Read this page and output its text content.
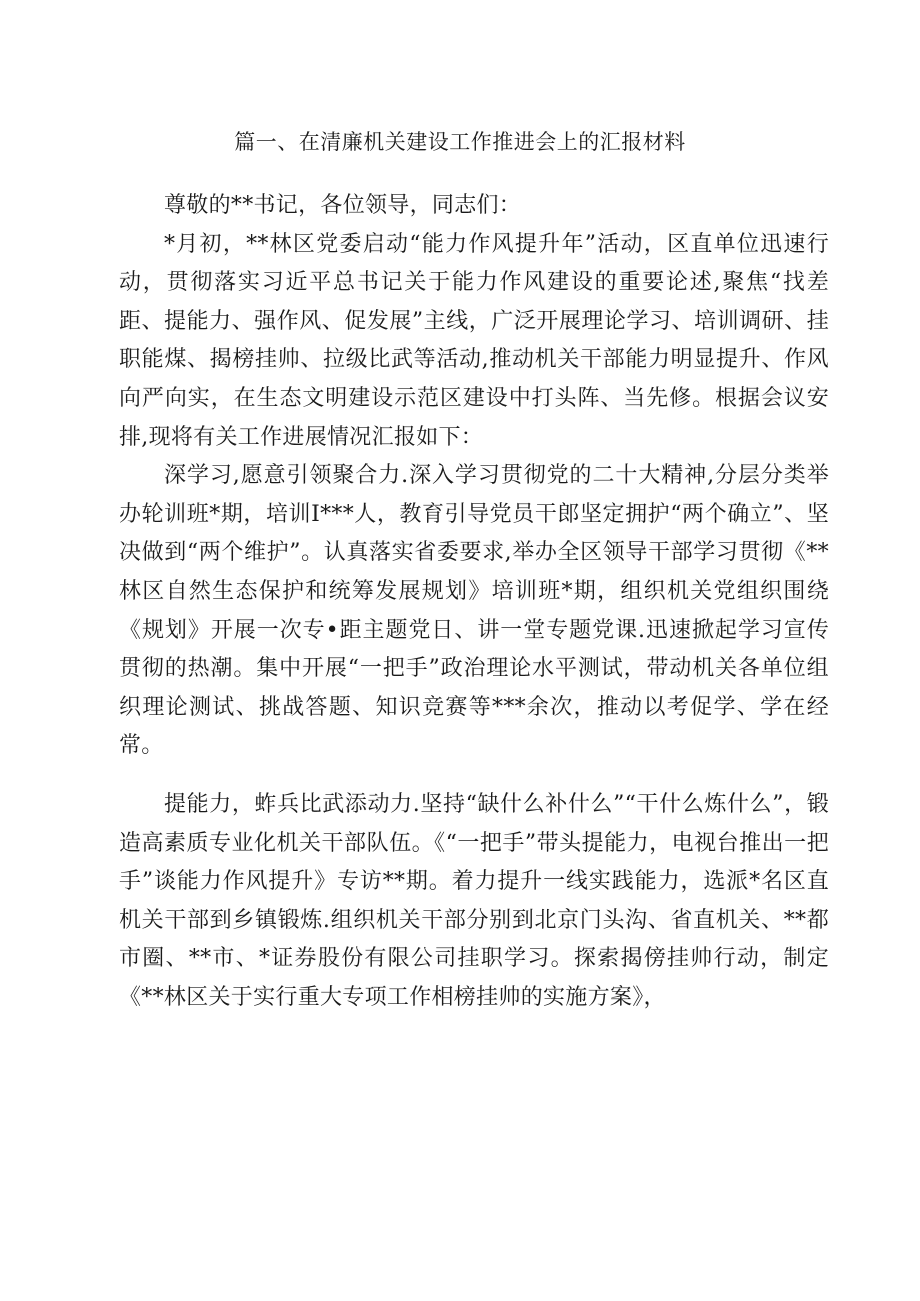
篇一、在清廉机关建设工作推进会上的汇报材料

尊敬的**书记，各位领导，同志们：

*月初，**林区党委启动“能力作风提升年”活动，区直单位迅速行动，贯彻落实习近平总书记关于能力作风建设的重要论述,聚焦“找差距、提能力、强作风、促发展”主线，广泛开展理论学习、培训调研、挂职能煤、揭榜挂帅、拉级比武等活动,推动机关干部能力明显提升、作风向严向实，在生态文明建设示范区建设中打头阵、当先修。根据会议安排,现将有关工作进展情况汇报如下：

深学习,愿意引领聚合力.深入学习贯彻党的二十大精神,分层分类举办轮训班*期，培训I***人，教育引导党员干郎坚定拥护“两个确立”、坚决做到“两个维护”。认真落实省委要求,举办全区领导干部学习贯彻《**林区自然生态保护和统筹发展规划》培训班*期，组织机关党组织围绕《规划》开展一次专•距主题党日、讲一堂专题党课.迅速掀起学习宣传贯彻的热潮。集中开展“一把手”政治理论水平测试，带动机关各单位组织理论测试、挑战答题、知识竞赛等***余次，推动以考促学、学在经常。

提能力，蚱兵比武添动力.坚持“缺什么补什么”“干什么炼什么”，锻造高素质专业化机关干部队伍。《“一把手”带头提能力，电视台推出一把手”谈能力作风提升》专访**期。着力提升一线实践能力，选派*名区直机关干部到乡镇锻炼.组织机关干部分别到北京门头沟、省直机关、**都市圈、**市、*证券股份有限公司挂职学习。探索揭傍挂帅行动，制定《**林区关于实行重大专项工作相榜挂帅的实施方案》，
